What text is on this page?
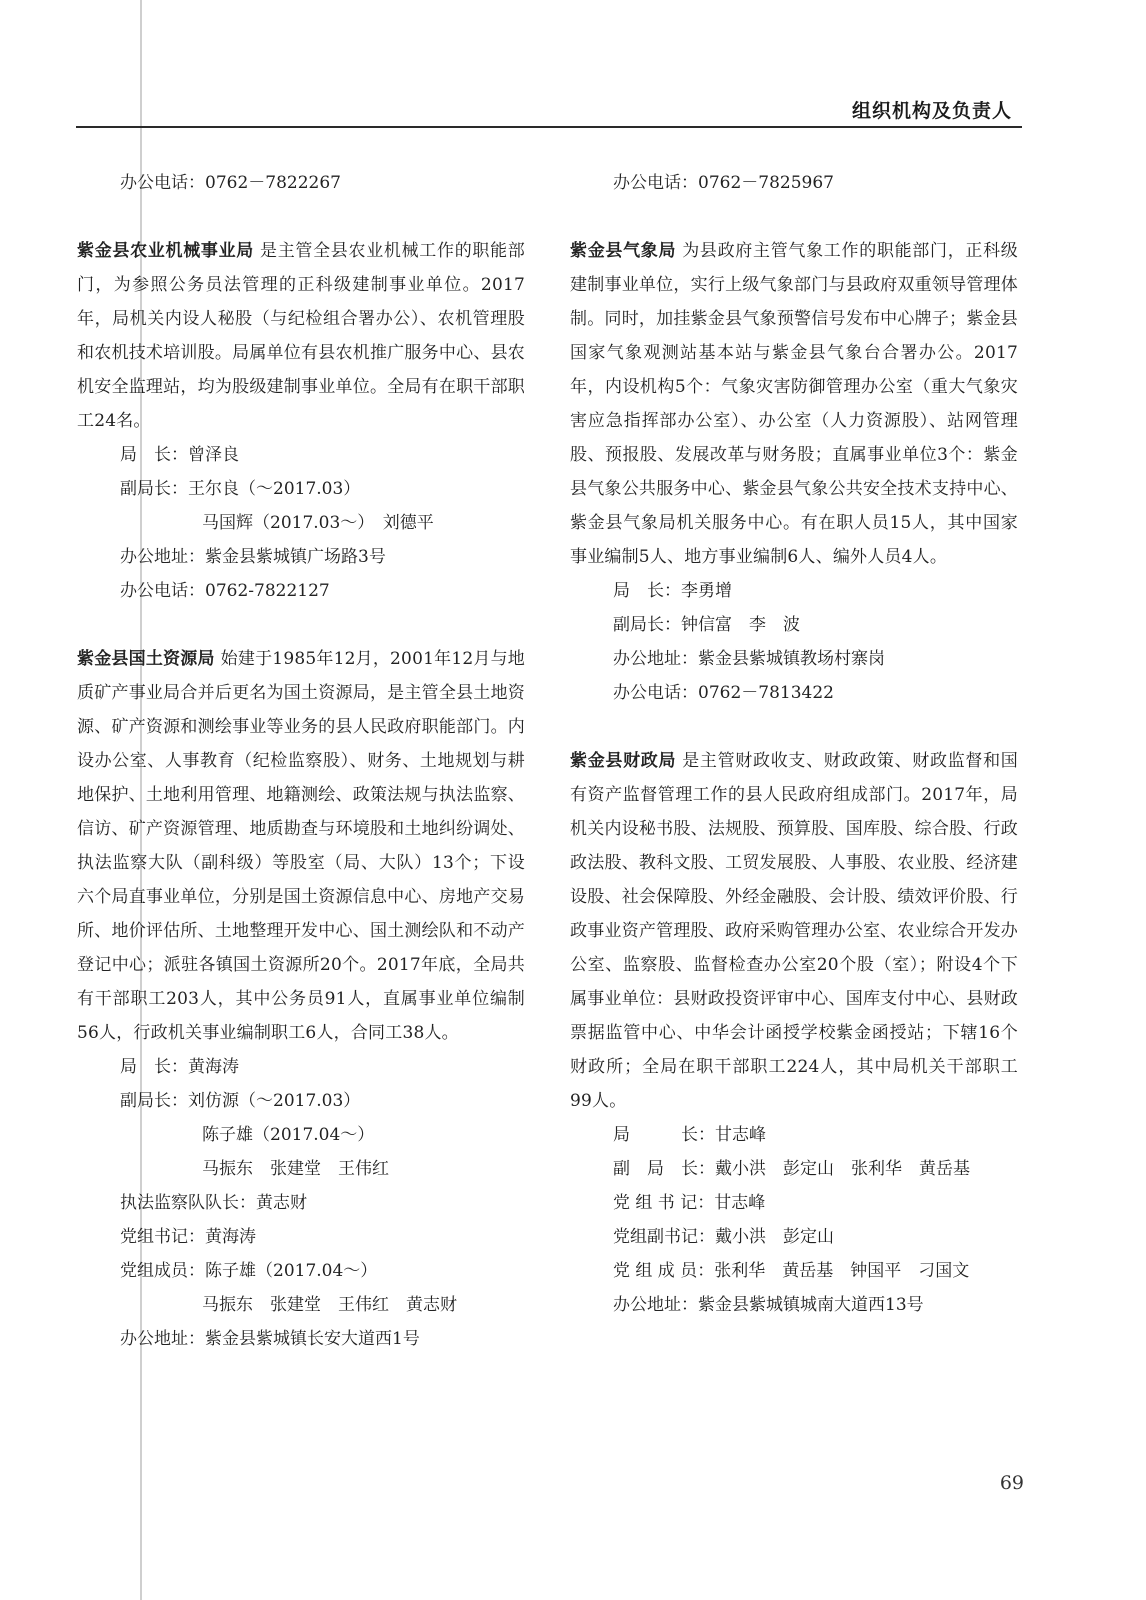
组织机构及负责人
办公电话：0762－7822267
紫金县农业机械事业局 是主管全县农业机械工作的职能部门，为参照公务员法管理的正科级建制事业单位。2017年，局机关内设人秘股（与纪检组合署办公）、农机管理股和农机技术培训股。局属单位有县农机推广服务中心、县农机安全监理站，均为股级建制事业单位。全局有在职干部职工24名。
局　长：曾泽良
副局长：王尔良（～2017.03）
马国辉（2017.03～）　刘德平
办公地址：紫金县紫城镇广场路3号
办公电话：0762-7822127
紫金县国土资源局 始建于1985年12月，2001年12月与地质矿产事业局合并后更名为国土资源局，是主管全县土地资源、矿产资源和测绘事业等业务的县人民政府职能部门。内设办公室、人事教育（纪检监察股）、财务、土地规划与耕地保护、土地利用管理、地籍测绘、政策法规与执法监察、信访、矿产资源管理、地质勘查与环境股和土地纠纷调处、执法监察大队（副科级）等股室（局、大队）13个；下设六个局直事业单位，分别是国土资源信息中心、房地产交易所、地价评估所、土地整理开发中心、国土测绘队和不动产登记中心；派驻各镇国土资源所20个。2017年底，全局共有干部职工203人，其中公务员91人，直属事业单位编制56人，行政机关事业编制职工6人，合同工38人。
局　长：黄海涛
副局长：刘仿源（～2017.03）
陈子雄（2017.04～）
马振东　张建堂　王伟红
执法监察队队长：黄志财
党组书记：黄海涛
党组成员：陈子雄（2017.04～）
马振东　张建堂　王伟红　黄志财
办公地址：紫金县紫城镇长安大道西1号
办公电话：0762－7825967
紫金县气象局 为县政府主管气象工作的职能部门，正科级建制事业单位，实行上级气象部门与县政府双重领导管理体制。同时，加挂紫金县气象预警信号发布中心牌子；紫金县国家气象观测站基本站与紫金县气象台合署办公。2017年，内设机构5个：气象灾害防御管理办公室（重大气象灾害应急指挥部办公室）、办公室（人力资源股）、站网管理股、预报股、发展改革与财务股；直属事业单位3个：紫金县气象公共服务中心、紫金县气象公共安全技术支持中心、紫金县气象局机关服务中心。有在职人员15人，其中国家事业编制5人、地方事业编制6人、编外人员4人。
局　长：李勇增
副局长：钟信富　李　波
办公地址：紫金县紫城镇教场村寨岗
办公电话：0762－7813422
紫金县财政局 是主管财政收支、财政政策、财政监督和国有资产监督管理工作的县人民政府组成部门。2017年，局机关内设秘书股、法规股、预算股、国库股、综合股、行政政法股、教科文股、工贸发展股、人事股、农业股、经济建设股、社会保障股、外经金融股、会计股、绩效评价股、行政事业资产管理股、政府采购管理办公室、农业综合开发办公室、监察股、监督检查办公室20个股（室）；附设4个下属事业单位：县财政投资评审中心、国库支付中心、县财政票据监管中心、中华会计函授学校紫金函授站；下辖16个财政所；全局在职干部职工224人，其中局机关干部职工99人。
局　　　长：甘志峰
副　局　长：戴小洪　彭定山　张利华　黄岳基
党 组 书 记：甘志峰
党组副书记：戴小洪　彭定山
党 组 成 员：张利华　黄岳基　钟国平　刁国文
办公地址：紫金县紫城镇城南大道西13号
69
